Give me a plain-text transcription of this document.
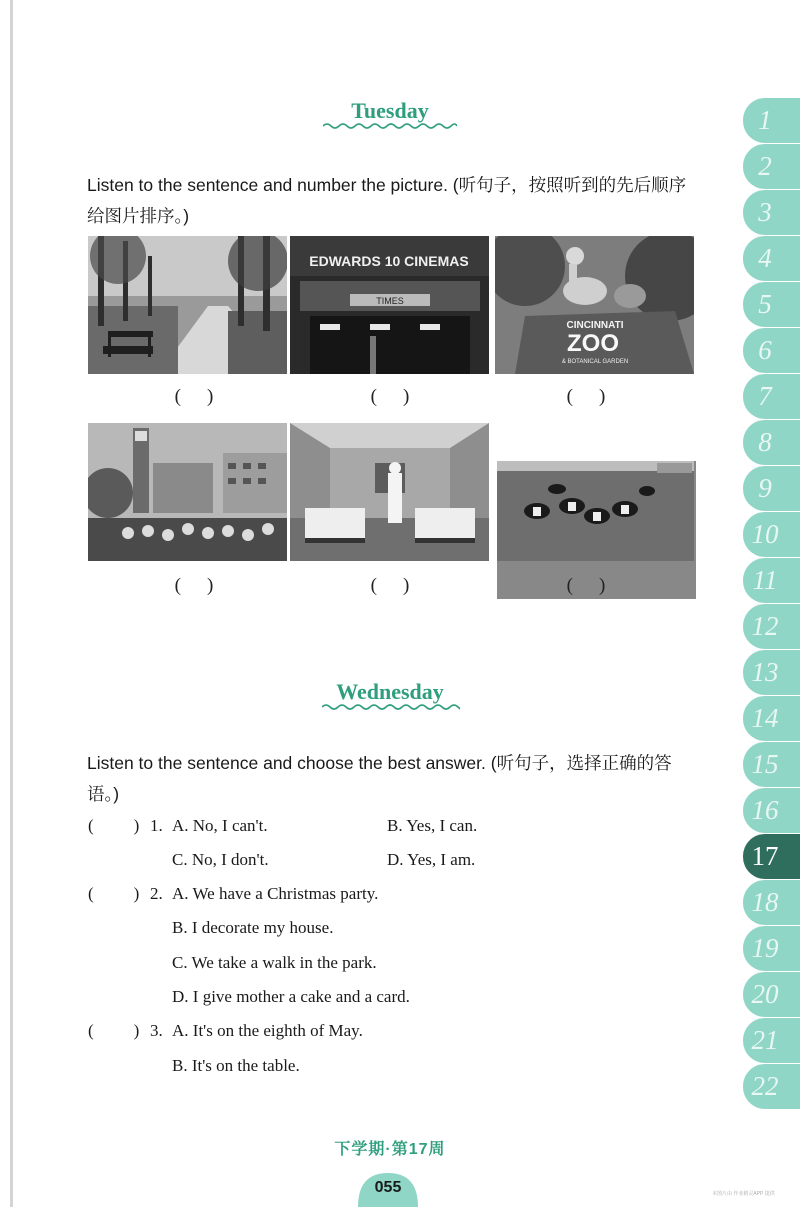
Tuesday
Listen to the sentence and number the picture. (听句子，按照听到的先后顺序给图片排序。)
EDWARDS 10 CINEMAS
TIMES
CINCINNATI
ZOO
& BOTANICAL GARDEN
( )	( )	( )
( )	( )	( )
Wednesday
Listen to the sentence and choose the best answer. (听句子，选择正确的答语。)
( ) 1. A. No, I can't.	B. Yes, I can.
C. No, I don't.	D. Yes, I am.
( ) 2. A. We have a Christmas party.
B. I decorate my house.
C. We take a walk in the park.
D. I give mother a cake and a card.
( ) 3. A. It's on the eighth of May.
B. It's on the table.
1
2
3
4
5
6
7
8
9
10
11
12
13
14
15
16
17
18
19
20
21
22
下学期·第17周
055	本图片由 作业精灵APP 提供
